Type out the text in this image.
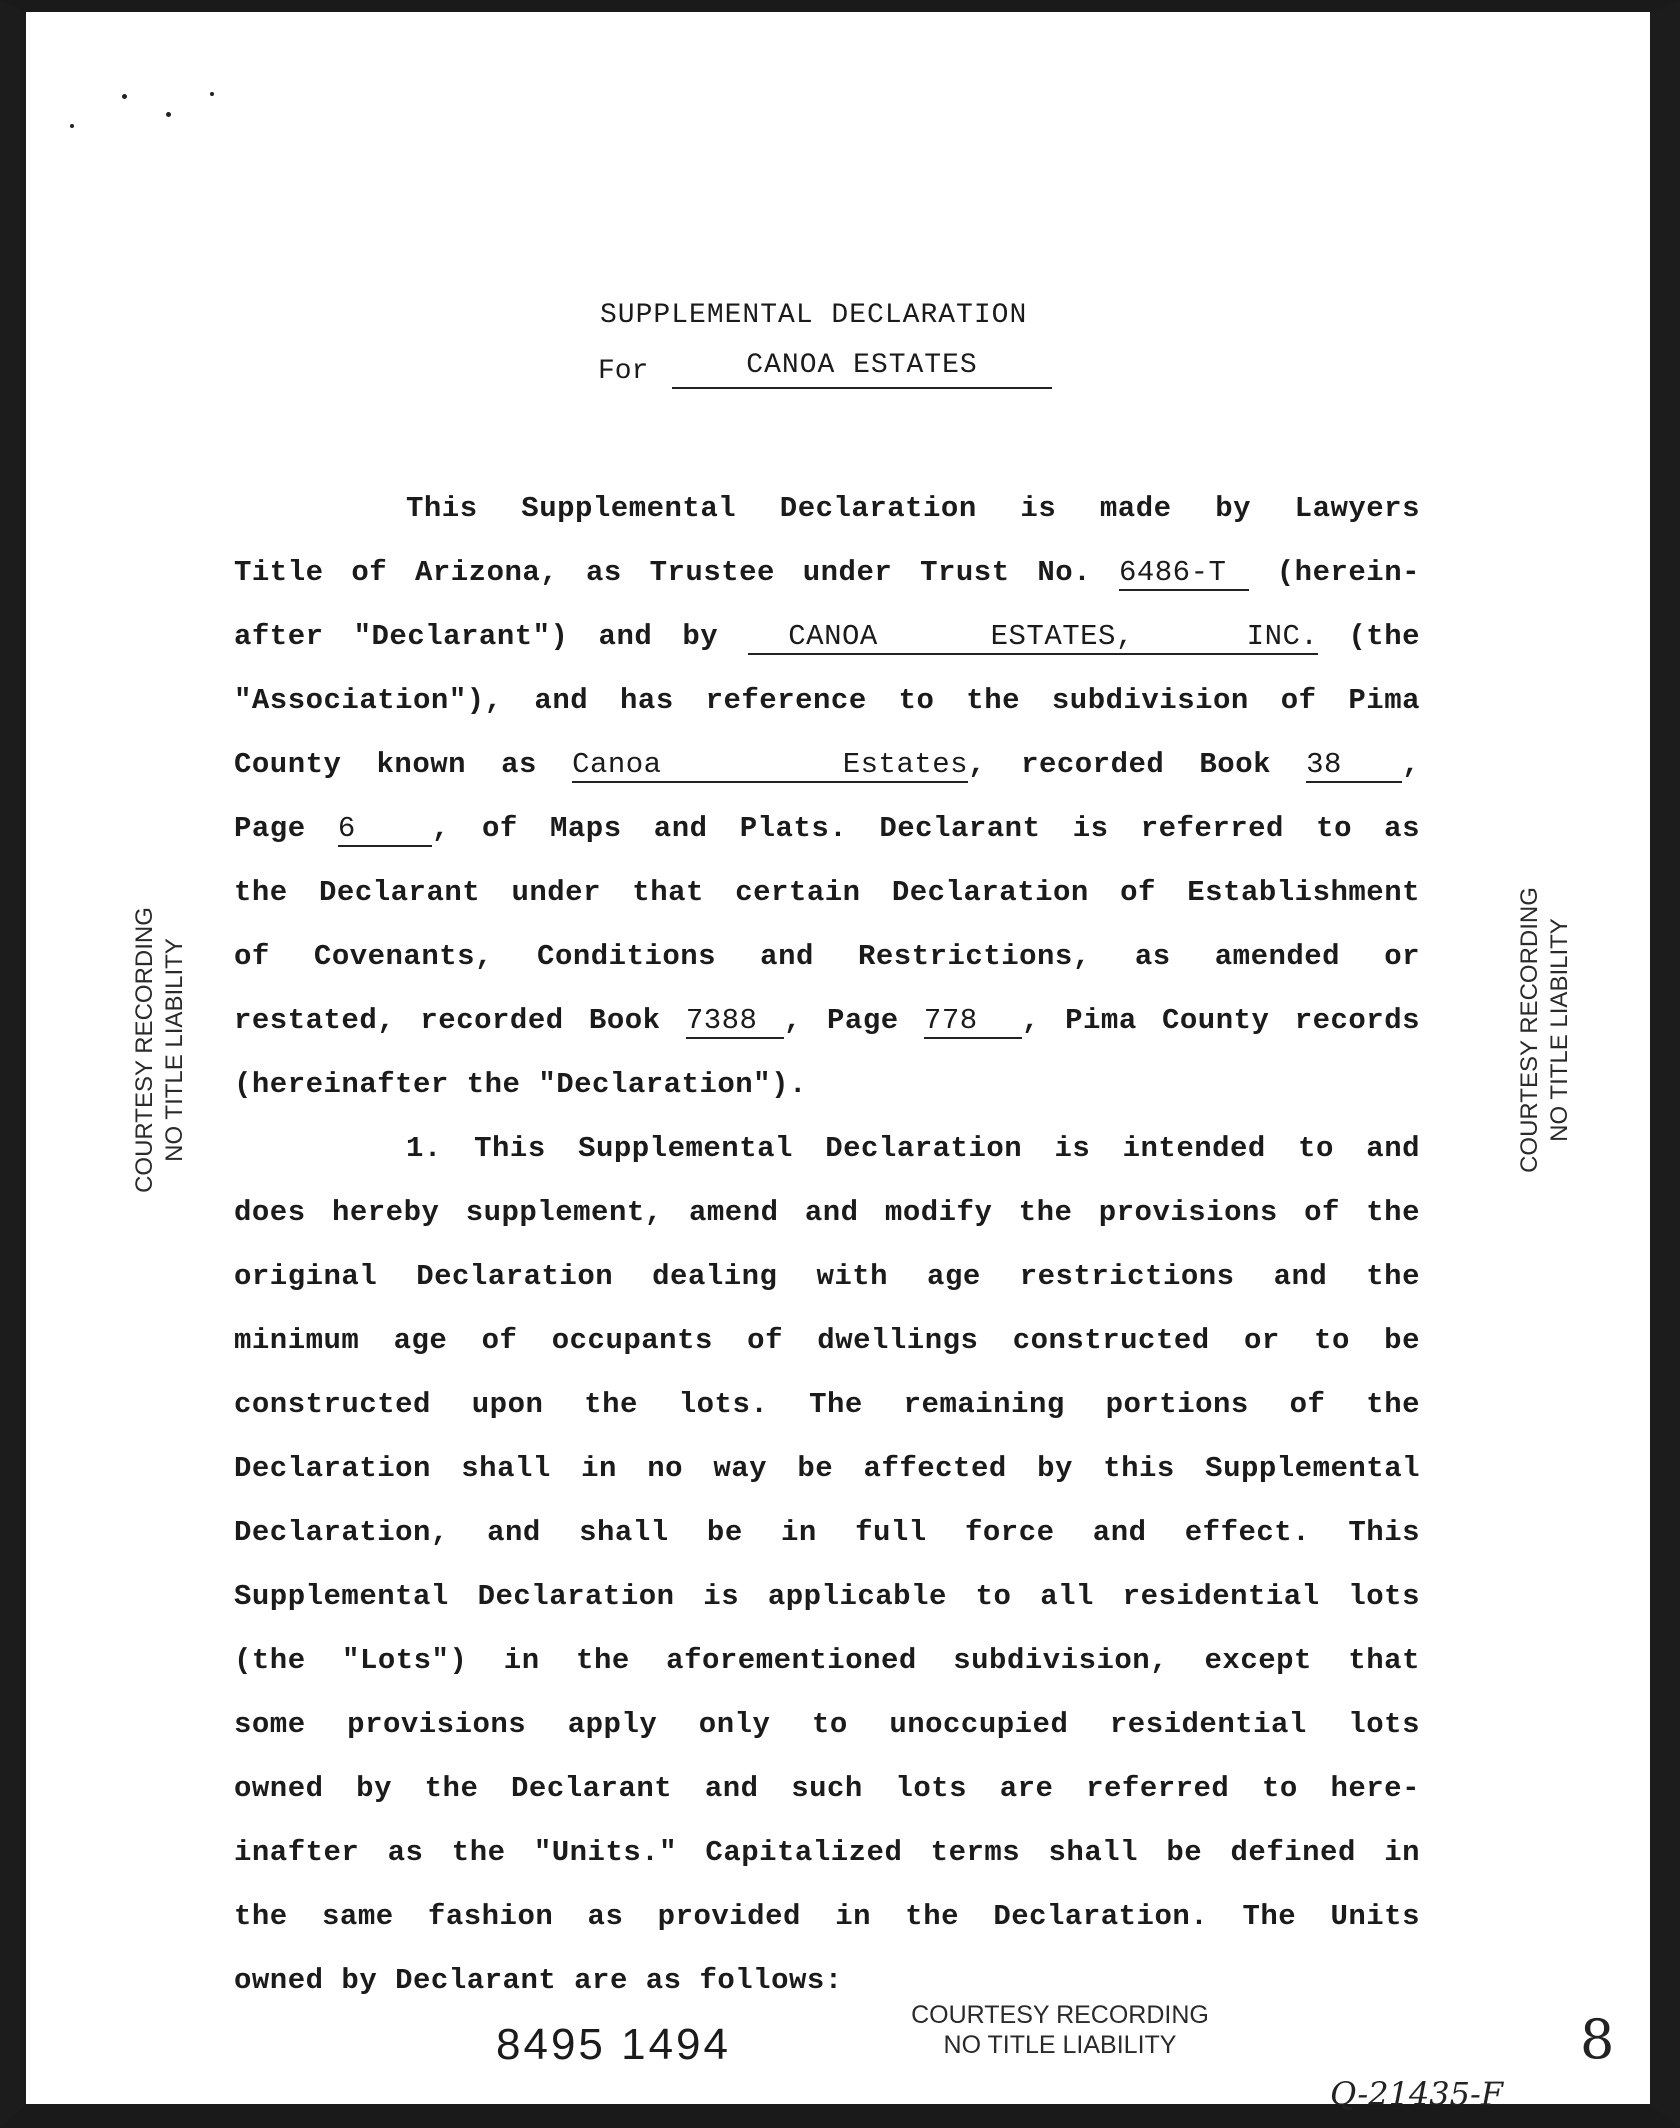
SUPPLEMENTAL DECLARATION
For	CANOA ESTATES
This Supplemental Declaration is made by Lawyers
Title of Arizona, as Trustee under Trust No. 6486-T (herein-
after "Declarant") and by CANOA ESTATES, INC. (the
"Association"), and has reference to the subdivision of Pima
County known as Canoa Estates, recorded Book 38 ,
Page 6	, of Maps and Plats. Declarant is referred to as
the Declarant under that certain Declaration of Establishment
of Covenants, Conditions and Restrictions, as amended or
restated, recorded Book 7388 , Page 778 , Pima County records
(hereinafter the "Declaration").
1. This Supplemental Declaration is intended to and
does hereby supplement, amend and modify the provisions of the
original Declaration dealing with age restrictions and the
minimum age of occupants of dwellings constructed or to be
constructed upon the lots. The remaining portions of the
Declaration shall in no way be affected by this Supplemental
Declaration, and shall be in full force and effect. This
Supplemental Declaration is applicable to all residential lots
(the "Lots") in the aforementioned subdivision, except that
some provisions apply only to unoccupied residential lots
owned by the Declarant and such lots are referred to here-
inafter as the "Units." Capitalized terms shall be defined in
the same fashion as provided in the Declaration. The Units
owned by Declarant are as follows:
COURTESY RECORDING NO TITLE LIABILITY	COURTESY RECORDING NO TITLE LIABILITY
COURTESY RECORDING
NO TITLE LIABILITY
8495 1494
Q-21435-F
8
